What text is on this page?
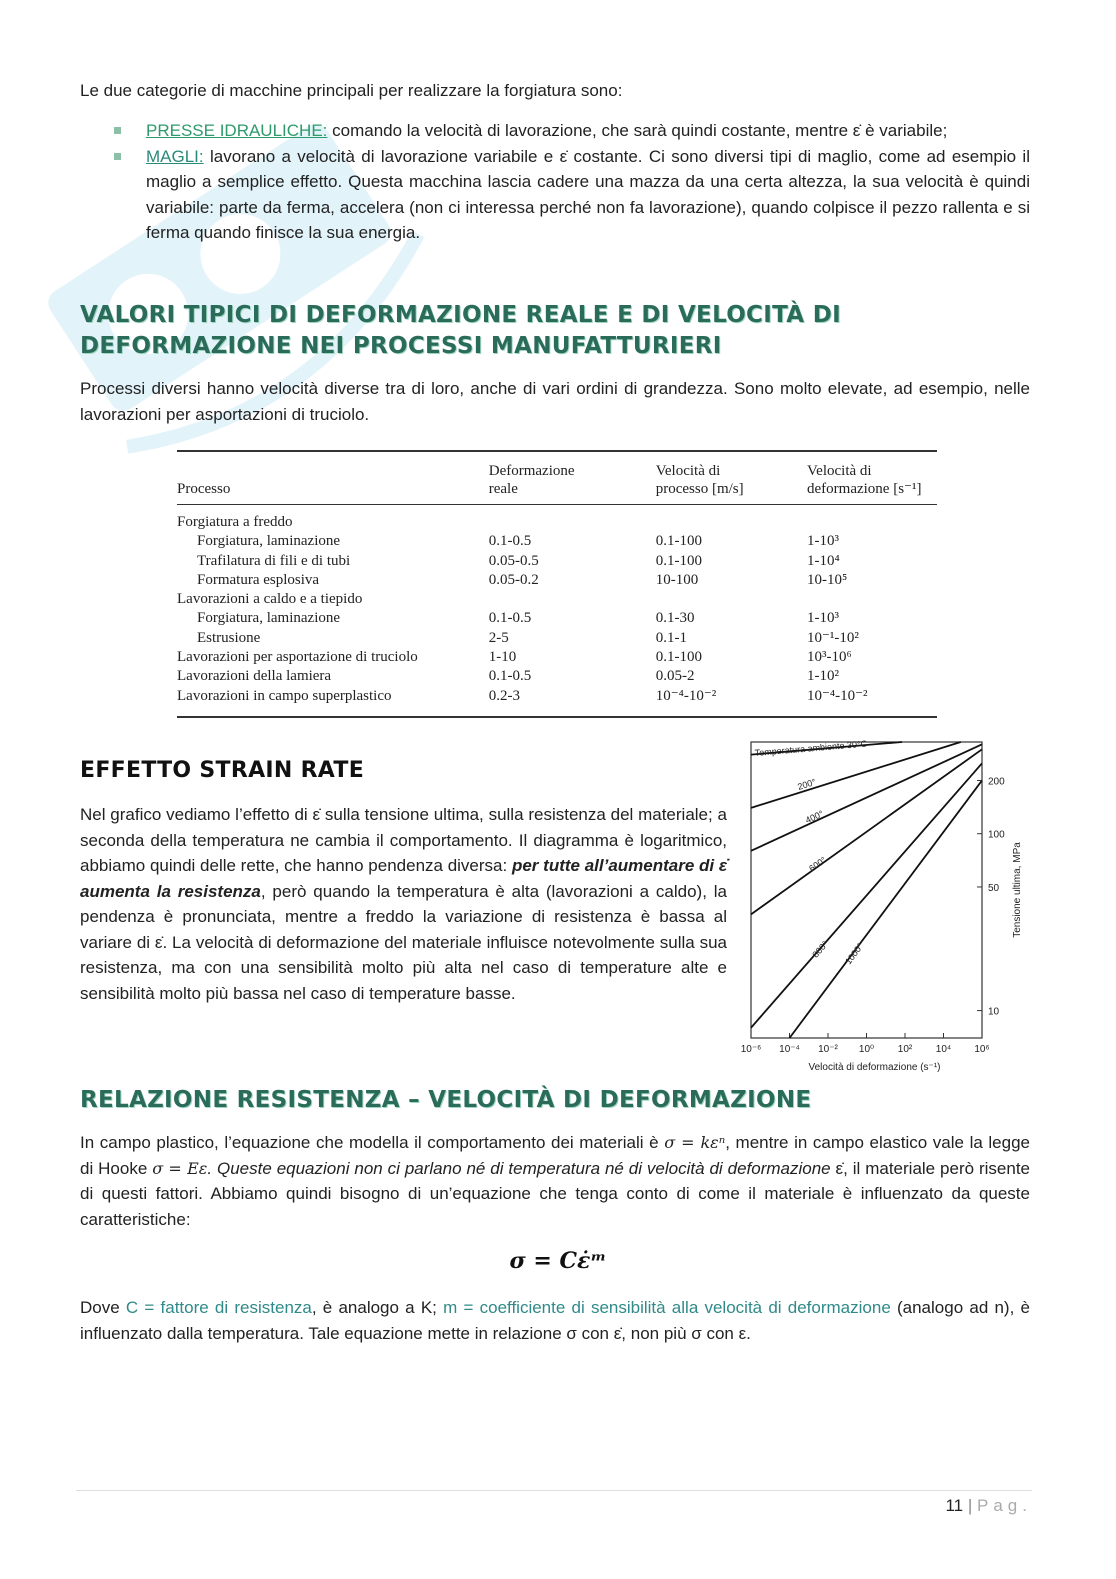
Le due categorie di macchine principali per realizzare la forgiatura sono:

PRESSE IDRAULICHE: comando la velocità di lavorazione, che sarà quindi costante, mentre ε̇ è variabile;
MAGLI: lavorano a velocità di lavorazione variabile e ε̇ costante. Ci sono diversi tipi di maglio, come ad esempio il maglio a semplice effetto. Questa macchina lascia cadere una mazza da una certa altezza, la sua velocità è quindi variabile: parte da ferma, accelera (non ci interessa perché non fa lavorazione), quando colpisce il pezzo rallenta e si ferma quando finisce la sua energia.
VALORI TIPICI DI DEFORMAZIONE REALE E DI VELOCITÀ DI DEFORMAZIONE NEI PROCESSI MANUFATTURIERI

Processi diversi hanno velocità diverse tra di loro, anche di vari ordini di grandezza. Sono molto elevate, ad esempio, nelle lavorazioni per asportazioni di truciolo.

Processo	Deformazione reale	Velocità di processo [m/s]	Velocità di deformazione [s⁻¹]
Forgiatura a freddo			
Forgiatura, laminazione	0.1-0.5	0.1-100	1-10³
Trafilatura di fili e di tubi	0.05-0.5	0.1-100	1-10⁴
Formatura esplosiva	0.05-0.2	10-100	10-10⁵
Lavorazioni a caldo e a tiepido			
Forgiatura, laminazione	0.1-0.5	0.1-30	1-10³
Estrusione	2-5	0.1-1	10⁻¹-10²
Lavorazioni per asportazione di truciolo	1-10	0.1-100	10³-10⁶
Lavorazioni della lamiera	0.1-0.5	0.05-2	1-10²
Lavorazioni in campo superplastico	0.2-3	10⁻⁴-10⁻²	10⁻⁴-10⁻²
EFFETTO STRAIN RATE

Nel grafico vediamo l’effetto di ε̇ sulla tensione ultima, sulla resistenza del materiale; a seconda della temperatura ne cambia il comportamento. Il diagramma è logaritmico, abbiamo quindi delle rette, che hanno pendenza diversa: per tutte all’aumentare di ε̇ aumenta la resistenza, però quando la temperatura è alta (lavorazioni a caldo), la pendenza è pronunciata, mentre a freddo la variazione di resistenza è bassa al variare di ε̇. La velocità di deformazione del materiale influisce notevolmente sulla sua resistenza, ma con una sensibilità molto più alta nel caso di temperature alte e sensibilità molto più bassa nel caso di temperature basse.

10⁻⁶ 10⁻⁴ 10⁻² 10⁰ 10² 10⁴ 10⁶
10
50
100
200
Velocità di deformazione (s⁻¹)
Tensione ultima, MPa
Temperatura ambiente 30°C
200°
400°
600°
800° 1000°
RELAZIONE RESISTENZA – VELOCITÀ DI DEFORMAZIONE

In campo plastico, l’equazione che modella il comportamento dei materiali è σ = kεⁿ, mentre in campo elastico vale la legge di Hooke σ = Eε. Queste equazioni non ci parlano né di temperatura né di velocità di deformazione ε̇, il materiale però risente di questi fattori. Abbiamo quindi bisogno di un’equazione che tenga conto di come il materiale è influenzato da queste caratteristiche:

σ = Cε̇ᵐ

Dove C = fattore di resistenza, è analogo a K; m = coefficiente di sensibilità alla velocità di deformazione (analogo ad n), è influenzato dalla temperatura. Tale equazione mette in relazione σ con ε̇, non più σ con ε.

11 | Pag.
